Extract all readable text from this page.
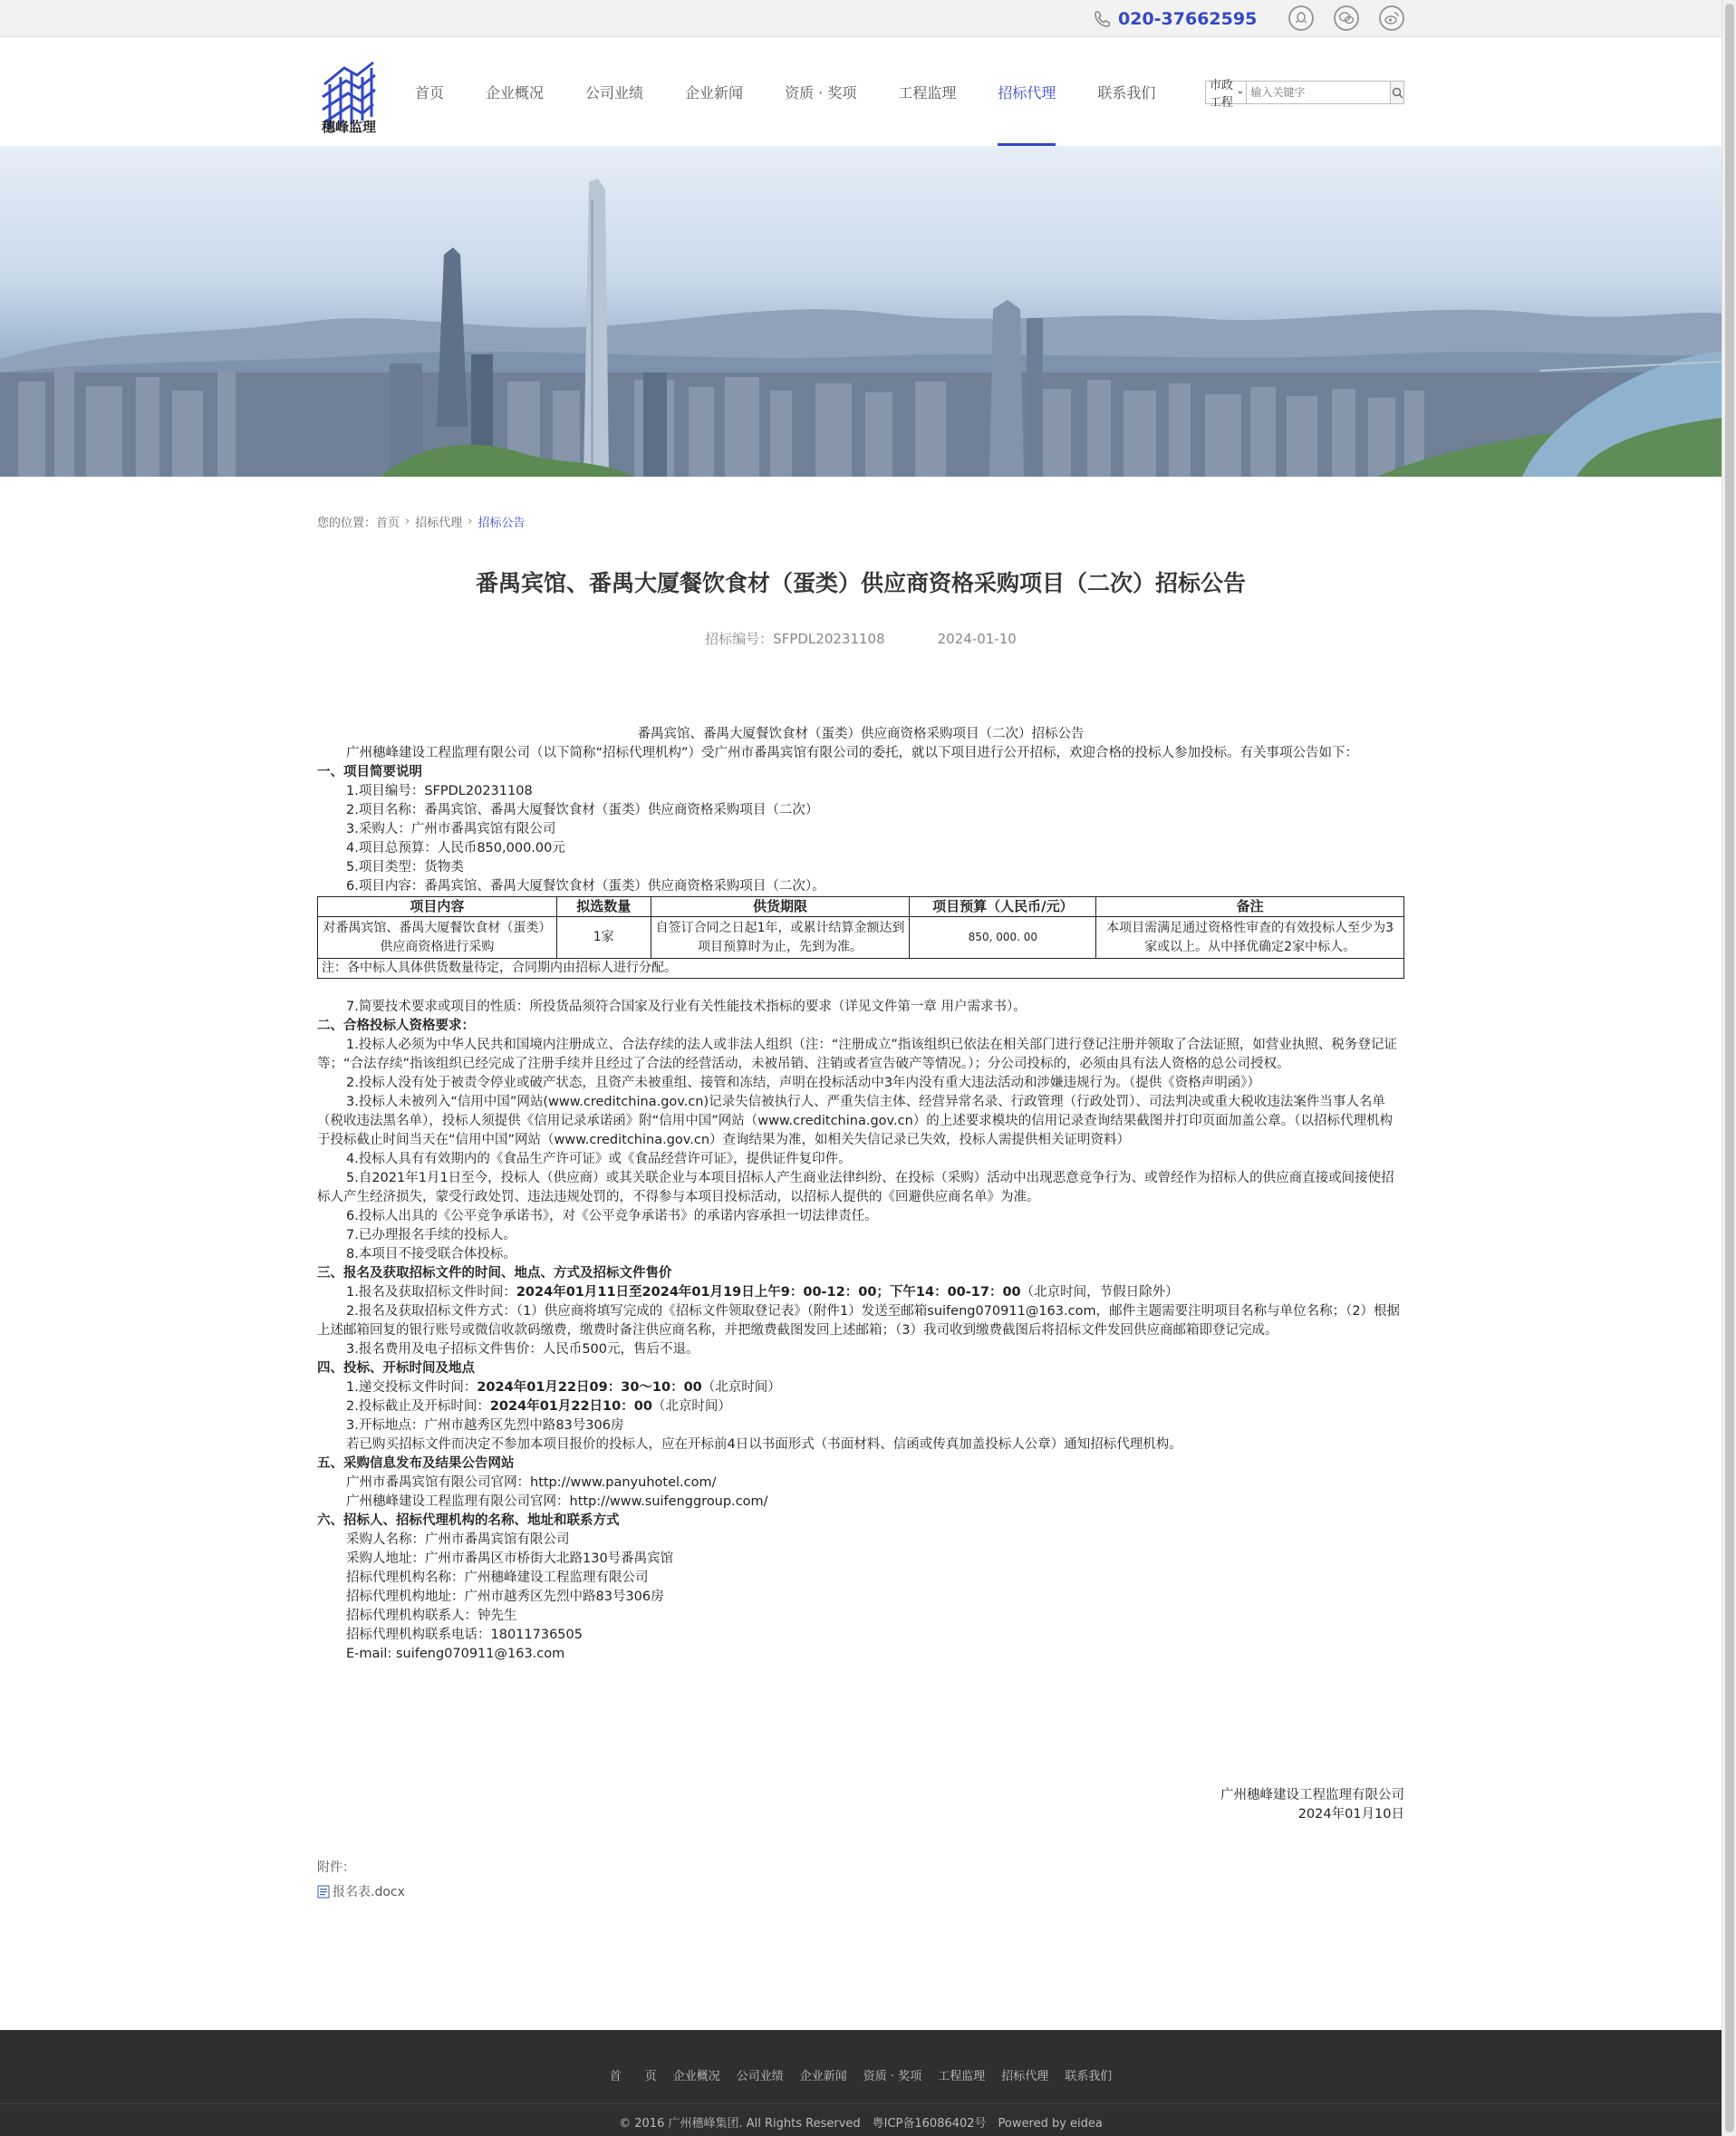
020-37662595
穗峰监理
首页	企业概况	公司业绩	企业新闻	资质 · 奖项	工程监理	招标代理	联系我们	市政工程
输入关键字
您的位置： 首页 › 招标代理 › 招标公告
番禺宾馆、番禺大厦餐饮食材（蛋类）供应商资格采购项目（二次）招标公告
招标编号：SFPDL20231108	2024-01-10

番禺宾馆、番禺大厦餐饮食材（蛋类）供应商资格采购项目（二次）招标公告

广州穗峰建设工程监理有限公司（以下简称“招标代理机构”）受广州市番禺宾馆有限公司的委托，就以下项目进行公开招标，欢迎合格的投标人参加投标。有关事项公告如下：

一、项目简要说明

1.项目编号：SFPDL20231108

2.项目名称：番禺宾馆、番禺大厦餐饮食材（蛋类）供应商资格采购项目（二次）

3.采购人：广州市番禺宾馆有限公司

4.项目总预算：人民币850,000.00元

5.项目类型：货物类

6.项目内容：番禺宾馆、番禺大厦餐饮食材（蛋类）供应商资格采购项目（二次）。

项目内容	拟选数量	供货期限	项目预算（人民币/元）	备注
对番禺宾馆、番禺大厦餐饮食材（蛋类）供应商资格进行采购	1家	自签订合同之日起1年，或累计结算金额达到项目预算时为止，先到为准。	850, 000. 00	本项目需满足通过资格性审查的有效投标人至少为3家或以上。从中择优确定2家中标人。
注：各中标人具体供货数量待定，合同期内由招标人进行分配。				

7.简要技术要求或项目的性质：所投货品须符合国家及行业有关性能技术指标的要求（详见文件第一章 用户需求书）。

二、合格投标人资格要求：

1.投标人必须为中华人民共和国境内注册成立、合法存续的法人或非法人组织（注：“注册成立”指该组织已依法在相关部门进行登记注册并领取了合法证照，如营业执照、税务登记证等；“合法存续”指该组织已经完成了注册手续并且经过了合法的经营活动，未被吊销、注销或者宣告破产等情况。）；分公司投标的，必须由具有法人资格的总公司授权。

2.投标人没有处于被责令停业或破产状态，且资产未被重组、接管和冻结，声明在投标活动中3年内没有重大违法活动和涉嫌违规行为。（提供《资格声明函》）

3.投标人未被列入“信用中国”网站(www.creditchina.gov.cn)记录失信被执行人、严重失信主体、经营异常名录、行政管理（行政处罚）、司法判决或重大税收违法案件当事人名单（税收违法黑名单），投标人须提供《信用记录承诺函》附“信用中国”网站（www.creditchina.gov.cn）的上述要求模块的信用记录查询结果截图并打印页面加盖公章。（以招标代理机构于投标截止时间当天在“信用中国”网站（www.creditchina.gov.cn）查询结果为准，如相关失信记录已失效，投标人需提供相关证明资料）

4.投标人具有有效期内的《食品生产许可证》或《食品经营许可证》，提供证件复印件。

5.自2021年1月1日至今，投标人（供应商）或其关联企业与本项目招标人产生商业法律纠纷、在投标（采购）活动中出现恶意竞争行为、或曾经作为招标人的供应商直接或间接使招标人产生经济损失，蒙受行政处罚、违法违规处罚的，不得参与本项目投标活动，以招标人提供的《回避供应商名单》为准。

6.投标人出具的《公平竞争承诺书》，对《公平竞争承诺书》的承诺内容承担一切法律责任。

7.已办理报名手续的投标人。

8.本项目不接受联合体投标。

三、报名及获取招标文件的时间、地点、方式及招标文件售价

1.报名及获取招标文件时间：2024年01月11日至2024年01月19日上午9：00-12：00；下午14：00-17：00（北京时间，节假日除外）

2.报名及获取招标文件方式：（1）供应商将填写完成的《招标文件领取登记表》（附件1）发送至邮箱suifeng070911@163.com，邮件主题需要注明项目名称与单位名称；（2）根据上述邮箱回复的银行账号或微信收款码缴费，缴费时备注供应商名称，并把缴费截图发回上述邮箱；（3）我司收到缴费截图后将招标文件发回供应商邮箱即登记完成。

3.报名费用及电子招标文件售价：人民币500元，售后不退。

四、投标、开标时间及地点

1.递交投标文件时间：2024年01月22日09：30～10：00（北京时间）

2.投标截止及开标时间：2024年01月22日10：00（北京时间）

3.开标地点：广州市越秀区先烈中路83号306房

若已购买招标文件而决定不参加本项目报价的投标人，应在开标前4日以书面形式（书面材料、信函或传真加盖投标人公章）通知招标代理机构。

五、采购信息发布及结果公告网站

广州市番禺宾馆有限公司官网：http://www.panyuhotel.com/

广州穗峰建设工程监理有限公司官网：http://www.suifenggroup.com/

六、招标人、招标代理机构的名称、地址和联系方式

采购人名称：广州市番禺宾馆有限公司

采购人地址：广州市番禺区市桥街大北路130号番禺宾馆

招标代理机构名称：广州穗峰建设工程监理有限公司

招标代理机构地址：广州市越秀区先烈中路83号306房

招标代理机构联系人：钟先生

招标代理机构联系电话：18011736505

E-mail: suifeng070911@163.com

广州穗峰建设工程监理有限公司

2024年01月10日

附件：
报名表.docx
首　　页 企业概况 公司业绩 企业新闻 资质 · 奖项 工程监理 招标代理 联系我们
© 2016 广州穗峰集团. All Rights Reserved　粤ICP备16086402号　Powered by eidea
